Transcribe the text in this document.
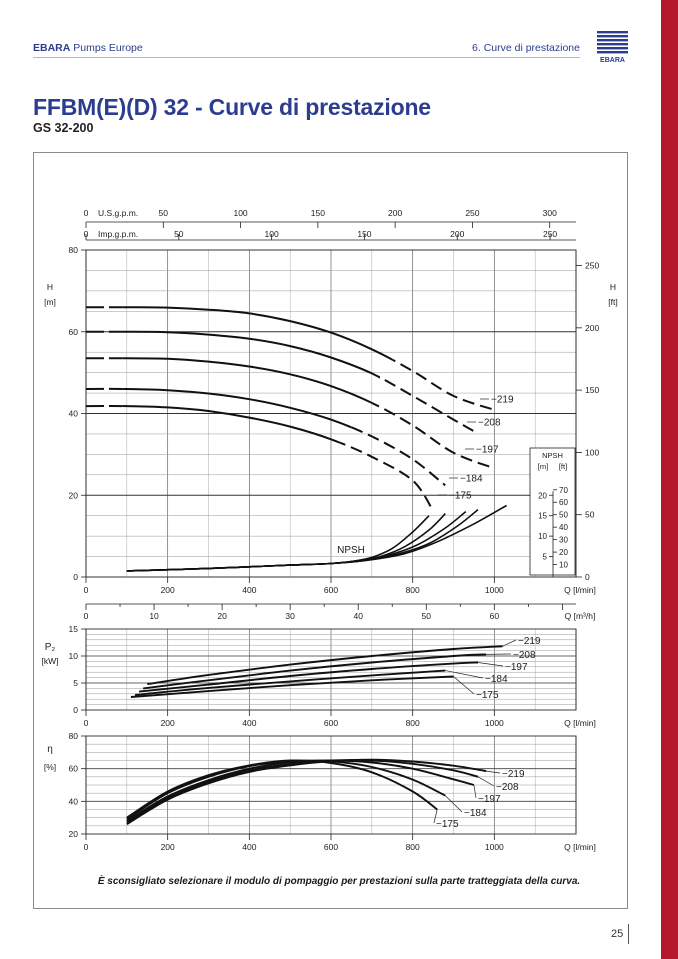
EBARA Pumps Europe	6. Curve di prestazione
EBARA
FFBM(E)(D) 32 - Curve di prestazione
GS 32-200
0
20
40
60
80
H
[m]
0
50
100
150
200
250
H
[ft]
0	50	100	150	200	250	300
U.S.g.p.m.
0	50	100	150	200	250
Imp.g.p.m.
0	200	400	600	800	1000	Q [l/min]
0	10	20	30	40	50	60	Q [m³/h]
−219
−208
−197
−184
−175
NPSH
NPSH
[m] [ft]
5
10
15
20
10
20
30
40
50
60
70
0
5
10
15
P₂
[kW]
0	200	400	600	800	1000	Q [l/min]
−219
−208
−197
−184
−175
20
40
60
80
η
[%]
0	200	400	600	800	1000	Q [l/min]
−219
−208
−197
−184
−175
È sconsigliato selezionare il modulo di pompaggio per prestazioni sulla parte tratteggiata della curva.
25
